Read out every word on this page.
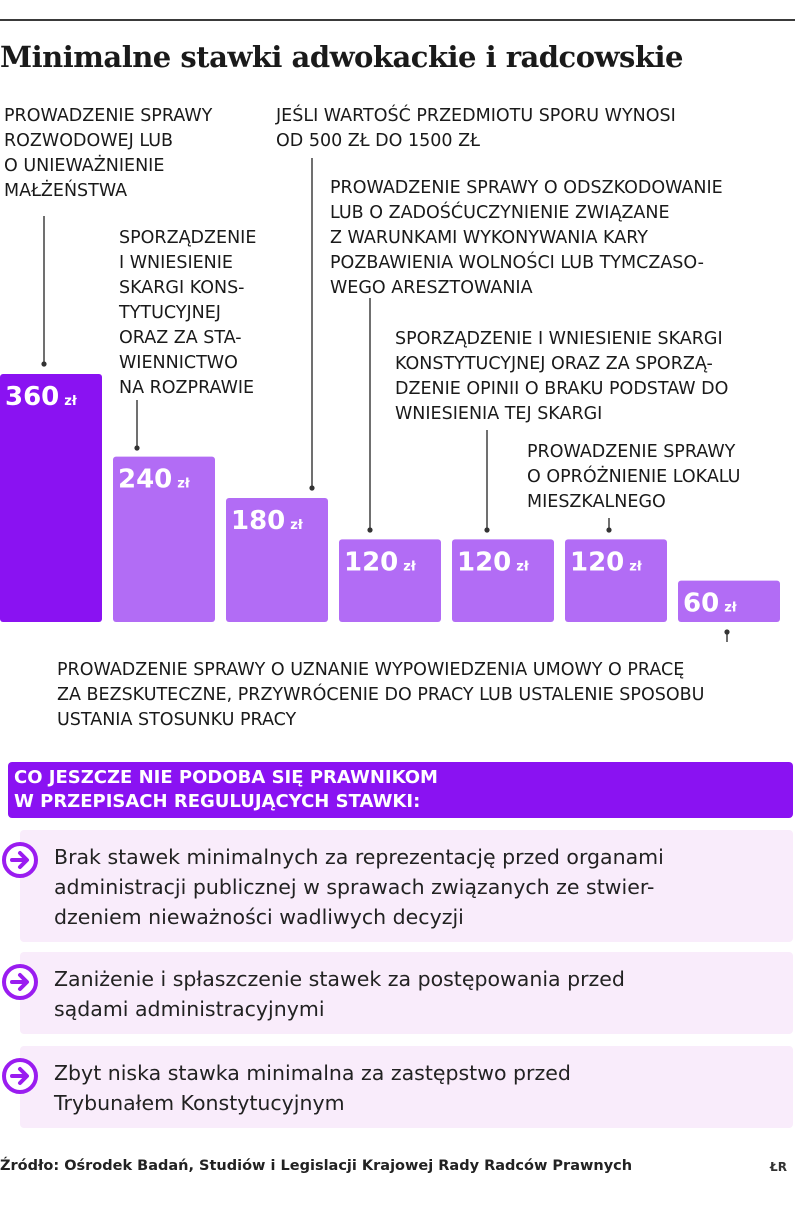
Minimalne stawki adwokackie i radcowskie
PROWADZENIE SPRAWY
ROZWODOWEJ LUB
O UNIEWAŻNIENIE
MAŁŻEŃSTWA
SPORZĄDZENIE
I WNIESIENIE
SKARGI KONS-
TYTUCYJNEJ
ORAZ ZA STA-
WIENNICTWO
NA ROZPRAWIE
JEŚLI WARTOŚĆ PRZEDMIOTU SPORU WYNOSI
OD 500 ZŁ DO 1500 ZŁ
PROWADZENIE SPRAWY O ODSZKODOWANIE
LUB O ZADOŚĆUCZYNIENIE ZWIĄZANE
Z WARUNKAMI WYKONYWANIA KARY
POZBAWIENIA WOLNOŚCI LUB TYMCZASO-
WEGO ARESZTOWANIA
SPORZĄDZENIE I WNIESIENIE SKARGI
KONSTYTUCYJNEJ ORAZ ZA SPORZĄ-
DZENIE OPINII O BRAKU PODSTAW DO
WNIESIENIA TEJ SKARGI
PROWADZENIE SPRAWY
O OPRÓŻNIENIE LOKALU
MIESZKALNEGO
PROWADZENIE SPRAWY O UZNANIE WYPOWIEDZENIA UMOWY O PRACĘ
ZA BEZSKUTECZNE, PRZYWRÓCENIE DO PRACY LUB USTALENIE SPOSOBU
USTANIA STOSUNKU PRACY
360 zł
240 zł
180 zł
120 zł 120 zł 120 zł
60 zł
CO JESZCZE NIE PODOBA SIĘ PRAWNIKOM
W PRZEPISACH REGULUJĄCYCH STAWKI:
Brak stawek minimalnych za reprezentację przed organami
administracji publicznej w sprawach związanych ze stwier-
dzeniem nieważności wadliwych decyzji
Zaniżenie i spłaszczenie stawek za postępowania przed
sądami administracyjnymi
Zbyt niska stawka minimalna za zastępstwo przed
Trybunałem Konstytucyjnym
Źródło: Ośrodek Badań, Studiów i Legislacji Krajowej Rady Radców Prawnych	ŁR
